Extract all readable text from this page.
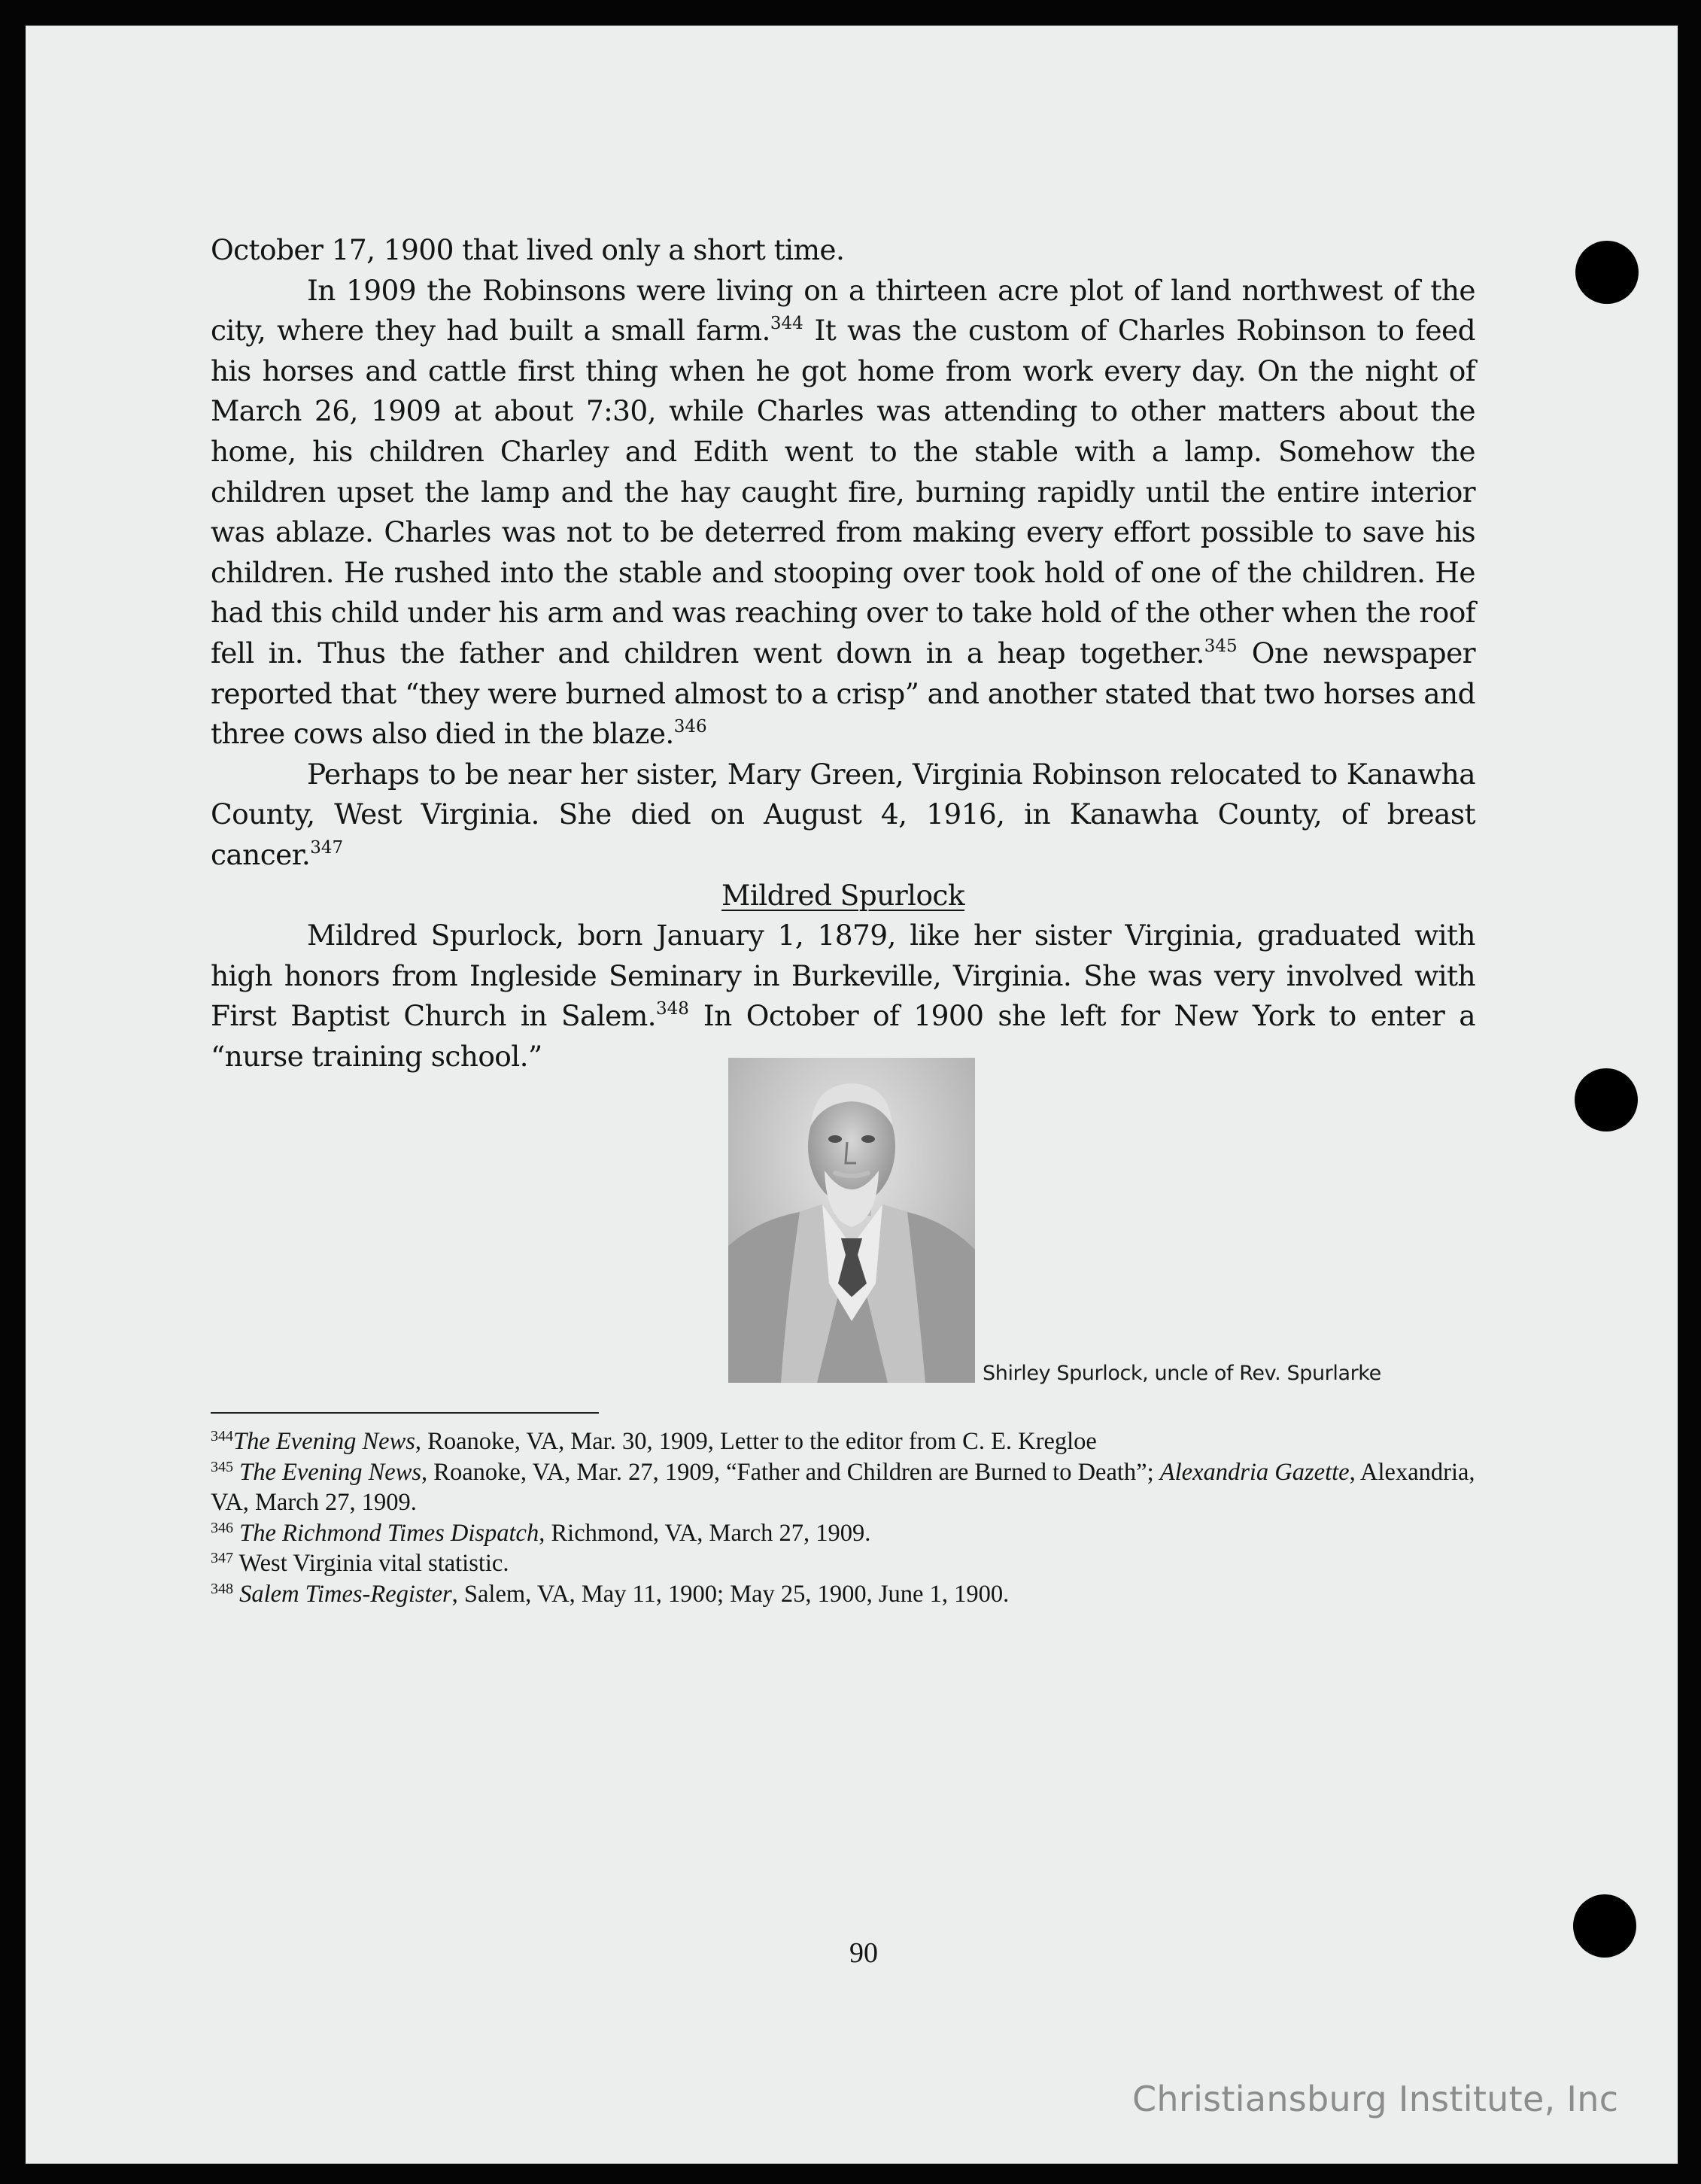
October 17, 1900 that lived only a short time.

In 1909 the Robinsons were living on a thirteen acre plot of land northwest of the city, where they had built a small farm.$^{344}$ It was the custom of Charles Robinson to feed his horses and cattle first thing when he got home from work every day. On the night of March 26, 1909 at about 7:30, while Charles was attending to other matters about the home, his children Charley and Edith went to the stable with a lamp. Somehow the children upset the lamp and the hay caught fire, burning rapidly until the entire interior was ablaze. Charles was not to be deterred from making every effort possible to save his children. He rushed into the stable and stooping over took hold of one of the children. He had this child under his arm and was reaching over to take hold of the other when the roof fell in. Thus the father and children went down in a heap together.$^{345}$ One newspaper reported that “they were burned almost to a crisp” and another stated that two horses and three cows also died in the blaze.$^{346}$

Perhaps to be near her sister, Mary Green, Virginia Robinson relocated to Kanawha County, West Virginia. She died on August 4, 1916, in Kanawha County, of breast cancer.$^{347}$

Mildred Spurlock

Mildred Spurlock, born January 1, 1879, like her sister Virginia, graduated with high honors from Ingleside Seminary in Burkeville, Virginia. She was very involved with First Baptist Church in Salem.$^{348}$ In October of 1900 she left for New York to enter a “nurse training school.”

Shirley Spurlock, uncle of Rev. Spurlarke

$^{344}$The Evening News, Roanoke, VA, Mar. 30, 1909, Letter to the editor from C. E. Kregloe

$^{345}$ The Evening News, Roanoke, VA, Mar. 27, 1909, “Father and Children are Burned to Death”; Alexandria Gazette, Alexandria, VA, March 27, 1909.

$^{346}$ The Richmond Times Dispatch, Richmond, VA, March 27, 1909.

$^{347}$ West Virginia vital statistic.

$^{348}$ Salem Times-Register, Salem, VA, May 11, 1900; May 25, 1900, June 1, 1900.

90
Christiansburg Institute, Inc
